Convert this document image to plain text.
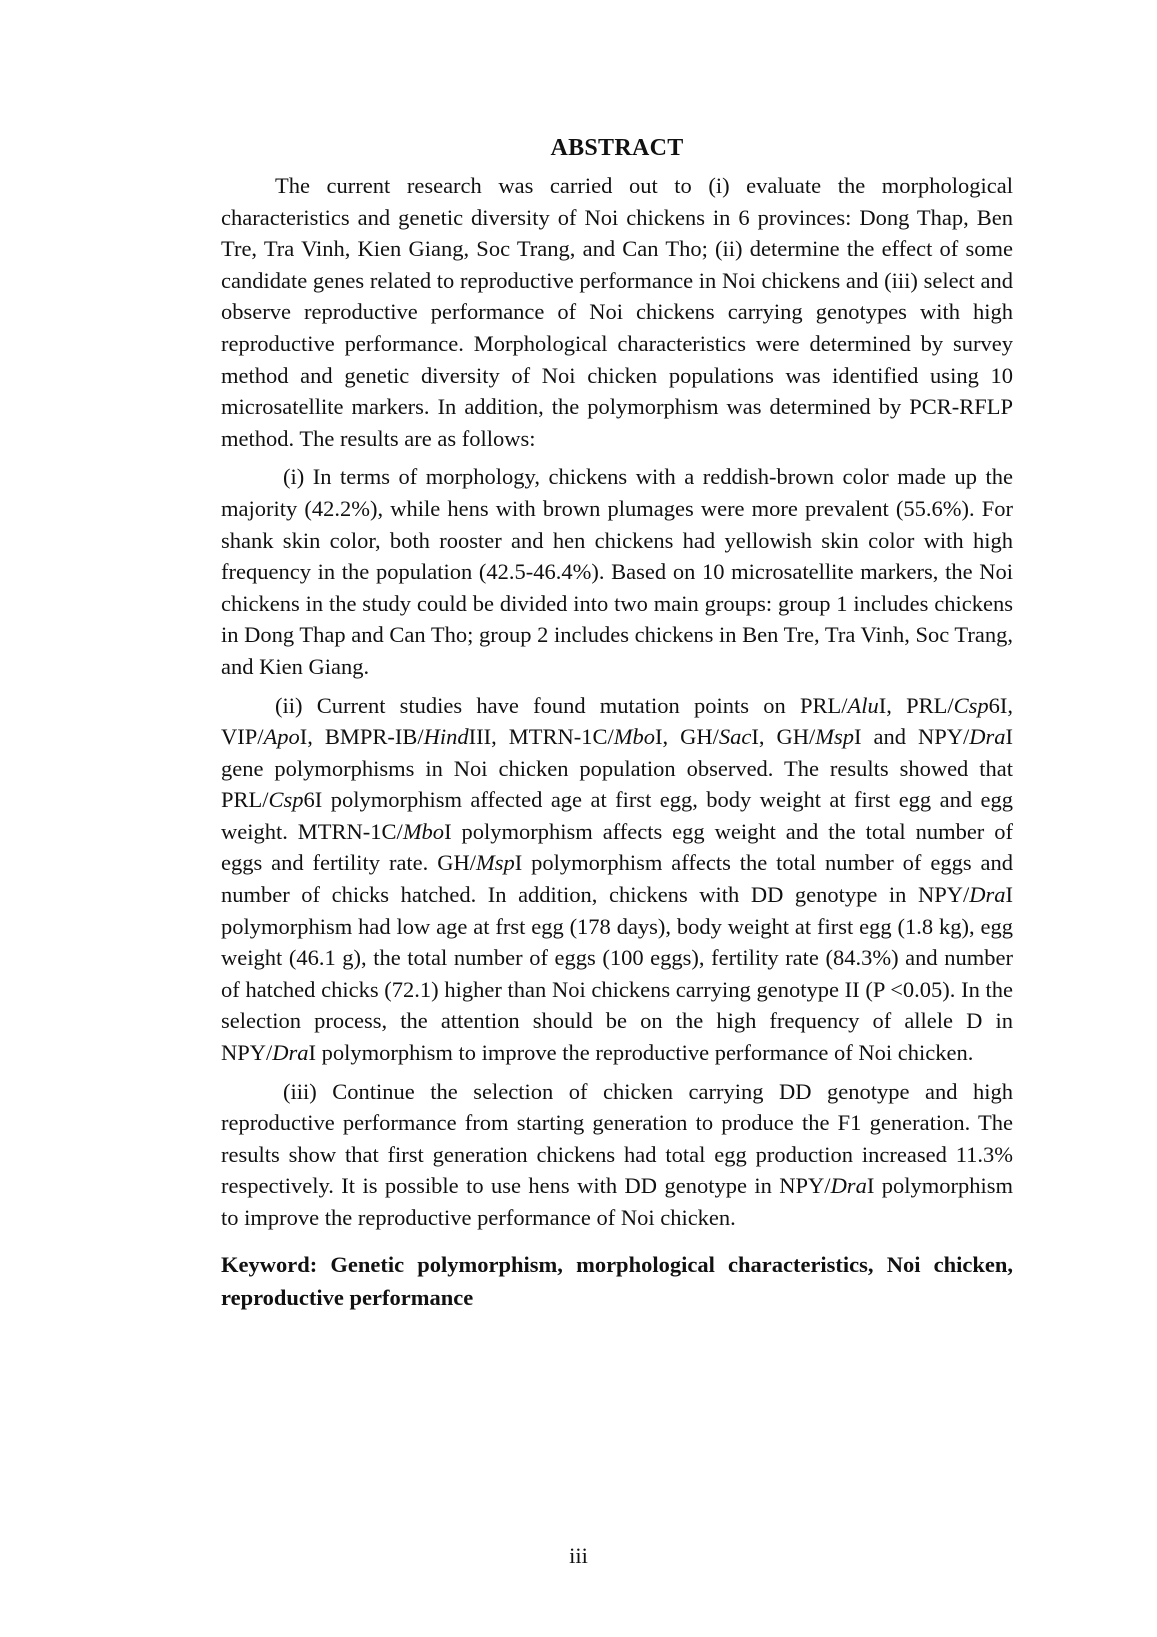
ABSTRACT

The current research was carried out to (i) evaluate the morphological characteristics and genetic diversity of Noi chickens in 6 provinces: Dong Thap, Ben Tre, Tra Vinh, Kien Giang, Soc Trang, and Can Tho; (ii) determine the effect of some candidate genes related to reproductive performance in Noi chickens and (iii) select and observe reproductive performance of Noi chickens carrying genotypes with high reproductive performance. Morphological characteristics were determined by survey method and genetic diversity of Noi chicken populations was identified using 10 microsatellite markers. In addition, the polymorphism was determined by PCR-RFLP method. The results are as follows:

(i) In terms of morphology, chickens with a reddish-brown color made up the majority (42.2%), while hens with brown plumages were more prevalent (55.6%). For shank skin color, both rooster and hen chickens had yellowish skin color with high frequency in the population (42.5-46.4%). Based on 10 microsatellite markers, the Noi chickens in the study could be divided into two main groups: group 1 includes chickens in Dong Thap and Can Tho; group 2 includes chickens in Ben Tre, Tra Vinh, Soc Trang, and Kien Giang.

(ii) Current studies have found mutation points on PRL/AluI, PRL/Csp6I, VIP/ApoI, BMPR-IB/HindIII, MTRN-1C/MboI, GH/SacI, GH/MspI and NPY/DraI gene polymorphisms in Noi chicken population observed. The results showed that PRL/Csp6I polymorphism affected age at first egg, body weight at first egg and egg weight. MTRN-1C/MboI polymorphism affects egg weight and the total number of eggs and fertility rate. GH/MspI polymorphism affects the total number of eggs and number of chicks hatched. In addition, chickens with DD genotype in NPY/DraI polymorphism had low age at frst egg (178 days), body weight at first egg (1.8 kg), egg weight (46.1 g), the total number of eggs (100 eggs), fertility rate (84.3%) and number of hatched chicks (72.1) higher than Noi chickens carrying genotype II (P <0.05). In the selection process, the attention should be on the high frequency of allele D in NPY/DraI polymorphism to improve the reproductive performance of Noi chicken.

(iii) Continue the selection of chicken carrying DD genotype and high reproductive performance from starting generation to produce the F1 generation. The results show that first generation chickens had total egg production increased 11.3% respectively. It is possible to use hens with DD genotype in NPY/DraI polymorphism to improve the reproductive performance of Noi chicken.

Keyword: Genetic polymorphism, morphological characteristics, Noi chicken, reproductive performance

iii
